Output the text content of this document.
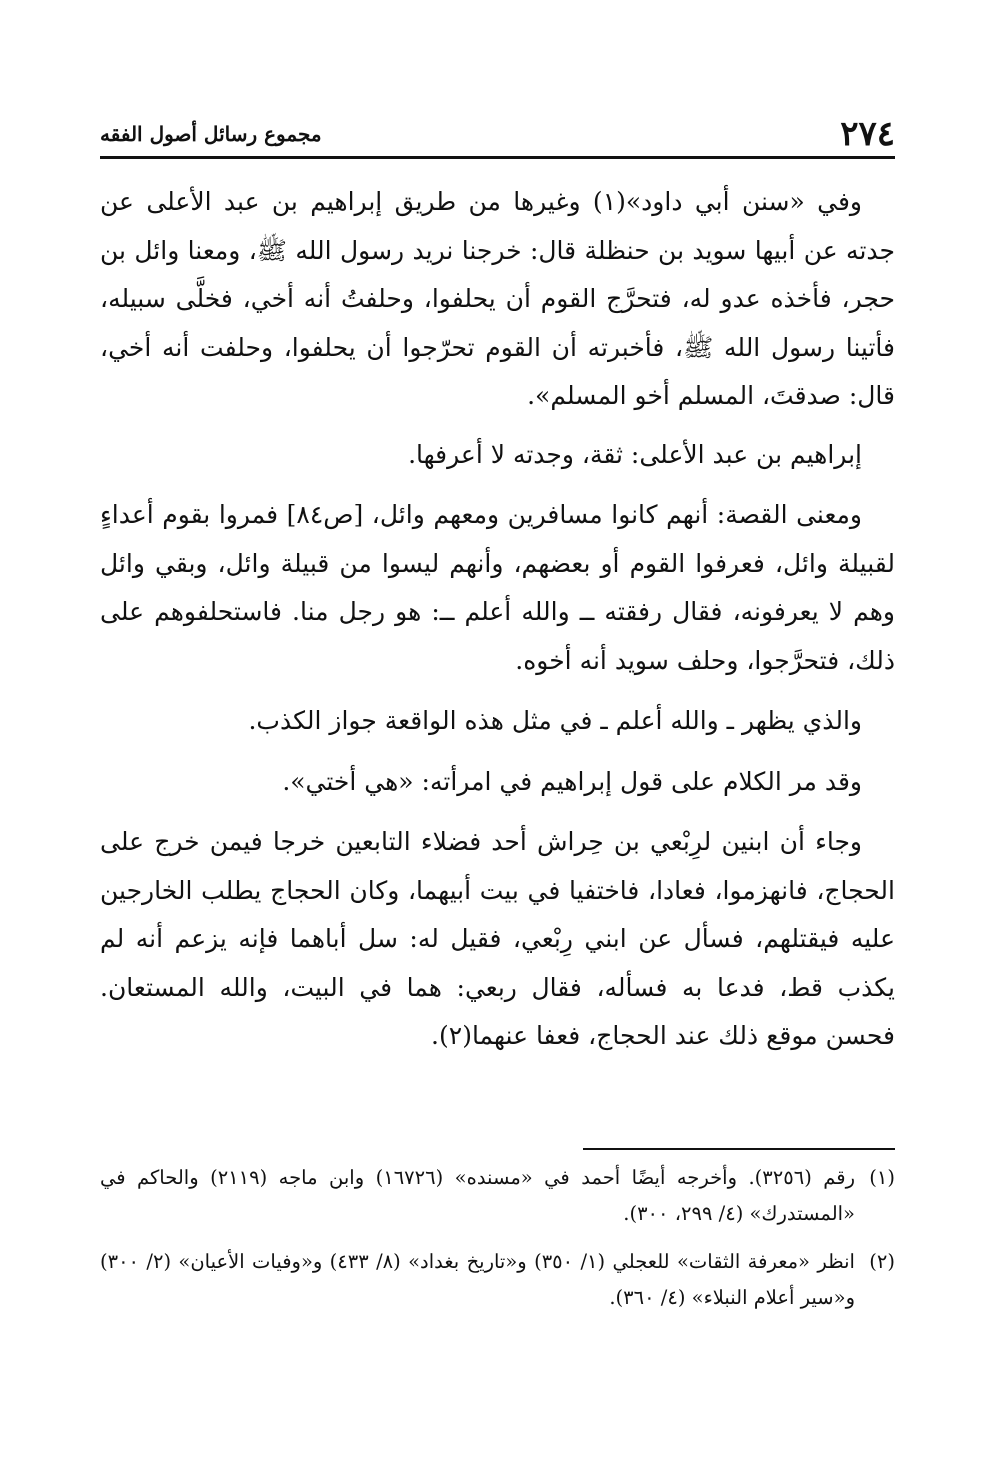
٢٧٤
مجموع رسائل أصول الفقه

وفي «سنن أبي داود»(١) وغيرها من طريق إبراهيم بن عبد الأعلى عن جدته عن أبيها سويد بن حنظلة قال: خرجنا نريد رسول الله ﷺ، ومعنا وائل بن حجر، فأخذه عدو له، فتحرَّج القوم أن يحلفوا، وحلفتُ أنه أخي، فخلَّى سبيله، فأتينا رسول الله ﷺ، فأخبرته أن القوم تحرّجوا أن يحلفوا، وحلفت أنه أخي، قال: صدقتَ، المسلم أخو المسلم».

إبراهيم بن عبد الأعلى: ثقة، وجدته لا أعرفها.

ومعنى القصة: أنهم كانوا مسافرين ومعهم وائل، [ص٨٤] فمروا بقوم أعداءٍ لقبيلة وائل، فعرفوا القوم أو بعضهم، وأنهم ليسوا من قبيلة وائل، وبقي وائل وهم لا يعرفونه، فقال رفقته ــ والله أعلم ــ: هو رجل منا. فاستحلفوهم على ذلك، فتحرَّجوا، وحلف سويد أنه أخوه.

والذي يظهر ـ والله أعلم ـ في مثل هذه الواقعة جواز الكذب.

وقد مر الكلام على قول إبراهيم في امرأته: «هي أختي».

وجاء أن ابنين لرِبْعي بن حِراش أحد فضلاء التابعين خرجا فيمن خرج على الحجاج، فانهزموا، فعادا، فاختفيا في بيت أبيهما، وكان الحجاج يطلب الخارجين عليه فيقتلهم، فسأل عن ابني رِبْعي، فقيل له: سل أباهما فإنه يزعم أنه لم يكذب قط، فدعا به فسأله، فقال ربعي: هما في البيت، والله المستعان. فحسن موقع ذلك عند الحجاج، فعفا عنهما(٢).

(١)
رقم (٣٢٥٦). وأخرجه أيضًا أحمد في «مسنده» (١٦٧٢٦) وابن ماجه (٢١١٩) والحاكم في «المستدرك» (٤/ ٢٩٩، ٣٠٠).
(٢)
انظر «معرفة الثقات» للعجلي (١/ ٣٥٠) و«تاريخ بغداد» (٨/ ٤٣٣) و«وفيات الأعيان» (٢/ ٣٠٠) و«سير أعلام النبلاء» (٤/ ٣٦٠).
